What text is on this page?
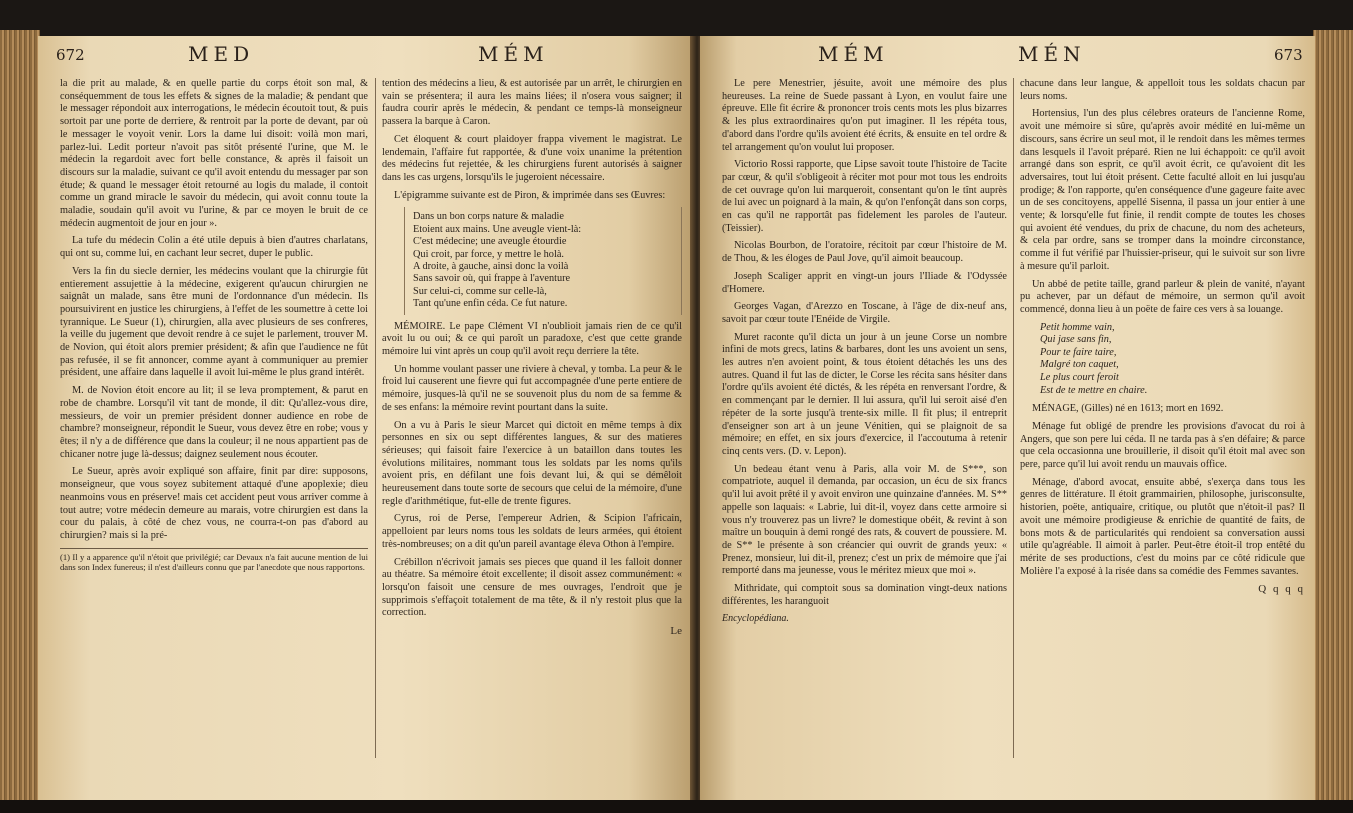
672	MED	MÉM

la die prit au malade, & en quelle partie du corps étoit son mal, & conséquemment de tous les effets & signes de la maladie; & pendant que le messager répondoit aux interrogations, le médecin écoutoit tout, & puis sortoit par une porte de derriere, & rentroit par la porte de devant, par où le messager le voyoit venir. Lors la dame lui disoit: voilà mon mari, parlez-lui. Ledit porteur n'avoit pas sitôt présenté l'urine, que M. le médecin la regardoit avec fort belle constance, & après il faisoit un discours sur la maladie, suivant ce qu'il avoit entendu du messager par son étude; & quand le messager étoit retourné au logis du malade, il contoit comme un grand miracle le savoir du médecin, qui avoit connu toute la maladie, soudain qu'il avoit vu l'urine, & par ce moyen le bruit de ce médecin augmentoit de jour en jour ».

La tufe du médecin Colin a été utile depuis à bien d'autres charlatans, qui ont su, comme lui, en cachant leur secret, duper le public.

Vers la fin du siecle dernier, les médecins voulant que la chirurgie fût entierement assujettie à la médecine, exigerent qu'aucun chirurgien ne saignât un malade, sans être muni de l'ordonnance d'un médecin. Ils poursuivirent en justice les chirurgiens, à l'effet de les soumettre à cette loi tyrannique. Le Sueur (1), chirurgien, alla avec plusieurs de ses confreres, la veille du jugement que devoit rendre à ce sujet le parlement, trouver M. de Novion, qui étoit alors premier président; & afin que l'audience ne fût pas refusée, il se fit annoncer, comme ayant à communiquer au premier président, une affaire dans laquelle il avoit lui-même le plus grand intérêt.

M. de Novion étoit encore au lit; il se leva promptement, & parut en robe de chambre. Lorsqu'il vit tant de monde, il dit: Qu'allez-vous dire, messieurs, de voir un premier président donner audience en robe de chambre? monseigneur, répondit le Sueur, vous devez être en robe; vous y êtes; il n'y a de différence que dans la couleur; il ne nous appartient pas de chicaner notre juge là-dessus; daignez seulement nous écouter.

Le Sueur, après avoir expliqué son affaire, finit par dire: supposons, monseigneur, que vous soyez subitement attaqué d'une apoplexie; dieu neanmoins vous en préserve! mais cet accident peut vous arriver comme à tout autre; votre médecin demeure au marais, votre chirurgien est dans la cour du palais, à côté de chez vous, ne courra-t-on pas d'abord au chirurgien? mais si la pré-

(1) Il y a apparence qu'il n'étoit que privilégié; car Devaux n'a fait aucune mention de lui dans son Index funereus; il n'est d'ailleurs connu que par l'anecdote que nous rapportons.

tention des médecins a lieu, & est autorisée par un arrêt, le chirurgien en vain se présentera; il aura les mains liées; il n'osera vous saigner; il faudra courir après le médecin, & pendant ce temps-là monseigneur passera la barque à Caron.

Cet éloquent & court plaidoyer frappa vivement le magistrat. Le lendemain, l'affaire fut rapportée, & d'une voix unanime la prétention des médecins fut rejettée, & les chirurgiens furent autorisés à saigner dans les cas urgens, lorsqu'ils le jugeroient nécessaire.

L'épigramme suivante est de Piron, & imprimée dans ses Œuvres:

Dans un bon corps nature & maladie
Etoient aux mains. Une aveugle vient-là:
C'est médecine; une aveugle étourdie
Qui croit, par force, y mettre le holà.
A droite, à gauche, ainsi donc la voilà
Sans savoir où, qui frappe à l'aventure
Sur celui-ci, comme sur celle-là,
Tant qu'une enfin céda. Ce fut nature.

MÉMOIRE. Le pape Clément VI n'oublioit jamais rien de ce qu'il avoit lu ou oui; & ce qui paroît un paradoxe, c'est que cette grande mémoire lui vint après un coup qu'il avoit reçu derriere la tête.

Un homme voulant passer une riviere à cheval, y tomba. La peur & le froid lui causerent une fievre qui fut accompagnée d'une perte entiere de mémoire, jusques-là qu'il ne se souvenoit plus du nom de sa femme & de ses enfans: la mémoire revint pourtant dans la suite.

On a vu à Paris le sieur Marcet qui dictoit en même temps à dix personnes en six ou sept différentes langues, & sur des matieres sérieuses; qui faisoit faire l'exercice à un bataillon dans toutes les évolutions militaires, nommant tous les soldats par les noms qu'ils avoient pris, en défilant une fois devant lui, & qui se démêloit heureusement dans toute sorte de secours que celui de la mémoire, d'une regle d'arithmétique, fut-elle de trente figures.

Cyrus, roi de Perse, l'empereur Adrien, & Scipion l'africain, appelloient par leurs noms tous les soldats de leurs armées, qui étoient très-nombreuses; on a dit qu'un pareil avantage éleva Othon à l'empire.

Crébillon n'écrivoit jamais ses pieces que quand il les falloit donner au théatre. Sa mémoire étoit excellente; il disoit assez communément: « lorsqu'on faisoit une censure de mes ouvrages, l'endroit que je supprimois s'effaçoit totalement de ma tête, & il n'y restoit plus que la correction.

Le
MÉM	MÉN	673

Le pere Menestrier, jésuite, avoit une mémoire des plus heureuses. La reine de Suede passant à Lyon, en voulut faire une épreuve. Elle fit écrire & prononcer trois cents mots les plus bizarres & les plus extraordinaires qu'on put imaginer. Il les répéta tous, d'abord dans l'ordre qu'ils avoient été écrits, & ensuite en tel ordre & tel arrangement qu'on voulut lui proposer.

Victorio Rossi rapporte, que Lipse savoit toute l'histoire de Tacite par cœur, & qu'il s'obligeoit à réciter mot pour mot tous les endroits de cet ouvrage qu'on lui marqueroit, consentant qu'on le tînt auprès de lui avec un poignard à la main, & qu'on l'enfonçât dans son corps, en cas qu'il ne rapportât pas fidelement les paroles de l'auteur. (Teissier).

Nicolas Bourbon, de l'oratoire, récitoit par cœur l'histoire de M. de Thou, & les éloges de Paul Jove, qu'il aimoit beaucoup.

Joseph Scaliger apprit en vingt-un jours l'Iliade & l'Odyssée d'Homere.

Georges Vagan, d'Arezzo en Toscane, à l'âge de dix-neuf ans, savoit par cœur toute l'Enéide de Virgile.

Muret raconte qu'il dicta un jour à un jeune Corse un nombre infini de mots grecs, latins & barbares, dont les uns avoient un sens, les autres n'en avoient point, & tous étoient détachés les uns des autres. Quand il fut las de dicter, le Corse les récita sans hésiter dans l'ordre qu'ils avoient été dictés, & les répéta en renversant l'ordre, & en commençant par le dernier. Il lui assura, qu'il lui seroit aisé d'en répéter de la sorte jusqu'à trente-six mille. Il fit plus; il entreprit d'enseigner son art à un jeune Vénitien, qui se plaignoit de sa mémoire; en effet, en six jours d'exercice, il l'accoutuma à retenir cinq cents vers. (D. v. Lepon).

Un bedeau étant venu à Paris, alla voir M. de S***, son compatriote, auquel il demanda, par occasion, un écu de six francs qu'il lui avoit prêté il y avoit environ une quinzaine d'années. M. S** appelle son laquais: « Labrie, lui dit-il, voyez dans cette armoire si vous n'y trouverez pas un livre? le domestique obéit, & revint à son maître un bouquin à demi rongé des rats, & couvert de poussiere. M. de S** le présente à son créancier qui ouvrit de grands yeux: « Prenez, monsieur, lui dit-il, prenez; c'est un prix de mémoire que j'ai remporté dans ma jeunesse, vous le méritez mieux que moi ».

Mithridate, qui comptoit sous sa domination vingt-deux nations différentes, les haranguoit

Encyclopédiana.

chacune dans leur langue, & appelloit tous les soldats chacun par leurs noms.

Hortensius, l'un des plus célebres orateurs de l'ancienne Rome, avoit une mémoire si sûre, qu'après avoir médité en lui-même un discours, sans écrire un seul mot, il le rendoit dans les mêmes termes dans lesquels il l'avoit préparé. Rien ne lui échappoit: ce qu'il avoit arrangé dans son esprit, ce qu'il avoit écrit, ce qu'avoient dit les adversaires, tout lui étoit présent. Cette faculté alloit en lui jusqu'au prodige; & l'on rapporte, qu'en conséquence d'une gageure faite avec un de ses concitoyens, appellé Sisenna, il passa un jour entier à une vente; & lorsqu'elle fut finie, il rendit compte de toutes les choses qui avoient été vendues, du prix de chacune, du nom des acheteurs, & cela par ordre, sans se tromper dans la moindre circonstance, comme il fut vérifié par l'huissier-priseur, qui le suivoit sur son livre à mesure qu'il parloit.

Un abbé de petite taille, grand parleur & plein de vanité, n'ayant pu achever, par un défaut de mémoire, un sermon qu'il avoit commencé, donna lieu à un poëte de faire ces vers à sa louange.

Petit homme vain,
Qui jase sans fin,
Pour te faire taire,
Malgré ton caquet,
Le plus court feroit
Est de te mettre en chaire.

MÉNAGE, (Gilles) né en 1613; mort en 1692.

Ménage fut obligé de prendre les provisions d'avocat du roi à Angers, que son pere lui céda. Il ne tarda pas à s'en défaire; & parce que cela occasionna une brouillerie, il disoit qu'il étoit mal avec son pere, parce qu'il lui avoit rendu un mauvais office.

Ménage, d'abord avocat, ensuite abbé, s'exerça dans tous les genres de littérature. Il étoit grammairien, philosophe, jurisconsulte, historien, poëte, antiquaire, critique, ou plutôt que n'étoit-il pas? Il avoit une mémoire prodigieuse & enrichie de quantité de faits, de bons mots & de particularités qui rendoient sa conversation aussi utile qu'agréable. Il aimoit à parler. Peut-être étoit-il trop entêté du mérite de ses productions, c'est du moins par ce côté ridicule que Molière l'a exposé à la risée dans sa comédie des Femmes savantes.

Q q q q
